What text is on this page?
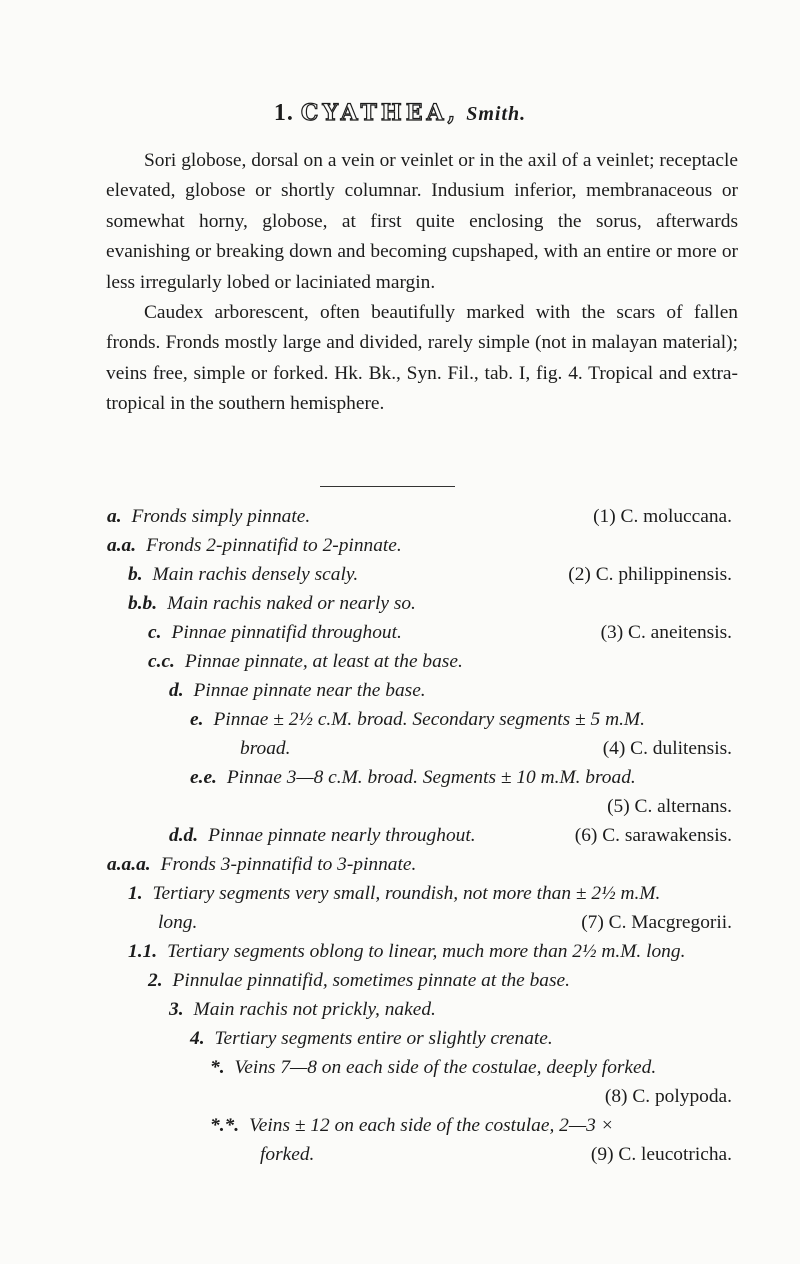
1. CYATHEA, Smith.

Sori globose, dorsal on a vein or veinlet or in the axil of a veinlet; receptacle elevated, globose or shortly columnar. Indusium inferior, membranaceous or somewhat horny, globose, at first quite enclosing the sorus, afterwards evanishing or breaking down and becoming cupshaped, with an entire or more or less irregularly lobed or laciniated margin.

Caudex arborescent, often beautifully marked with the scars of fallen fronds. Fronds mostly large and divided, rarely simple (not in malayan material); veins free, simple or forked. Hk. Bk., Syn. Fil., tab. I, fig. 4. Tropical and extra-tropical in the southern hemisphere.

a. Fronds simply pinnate.	(1) C. moluccana.
a.a. Fronds 2-pinnatifid to 2-pinnate.
b. Main rachis densely scaly.	(2) C. philippinensis.
b.b. Main rachis naked or nearly so.
c. Pinnae pinnatifid throughout.	(3) C. aneitensis.
c.c. Pinnae pinnate, at least at the base.
d. Pinnae pinnate near the base.
e. Pinnae ± 2½ c.M. broad. Secondary segments ± 5 m.M.
broad.	(4) C. dulitensis.
e.e. Pinnae 3—8 c.M. broad. Segments ± 10 m.M. broad.
(5) C. alternans.
d.d. Pinnae pinnate nearly throughout.	(6) C. sarawakensis.
a.a.a. Fronds 3-pinnatifid to 3-pinnate.
1. Tertiary segments very small, roundish, not more than ± 2½ m.M.
long.	(7) C. Macgregorii.
1.1. Tertiary segments oblong to linear, much more than 2½ m.M. long.
2. Pinnulae pinnatifid, sometimes pinnate at the base.
3. Main rachis not prickly, naked.
4. Tertiary segments entire or slightly crenate.
*. Veins 7—8 on each side of the costulae, deeply forked.
(8) C. polypoda.
*.*. Veins ± 12 on each side of the costulae, 2—3 ×
forked.	(9) C. leucotricha.
